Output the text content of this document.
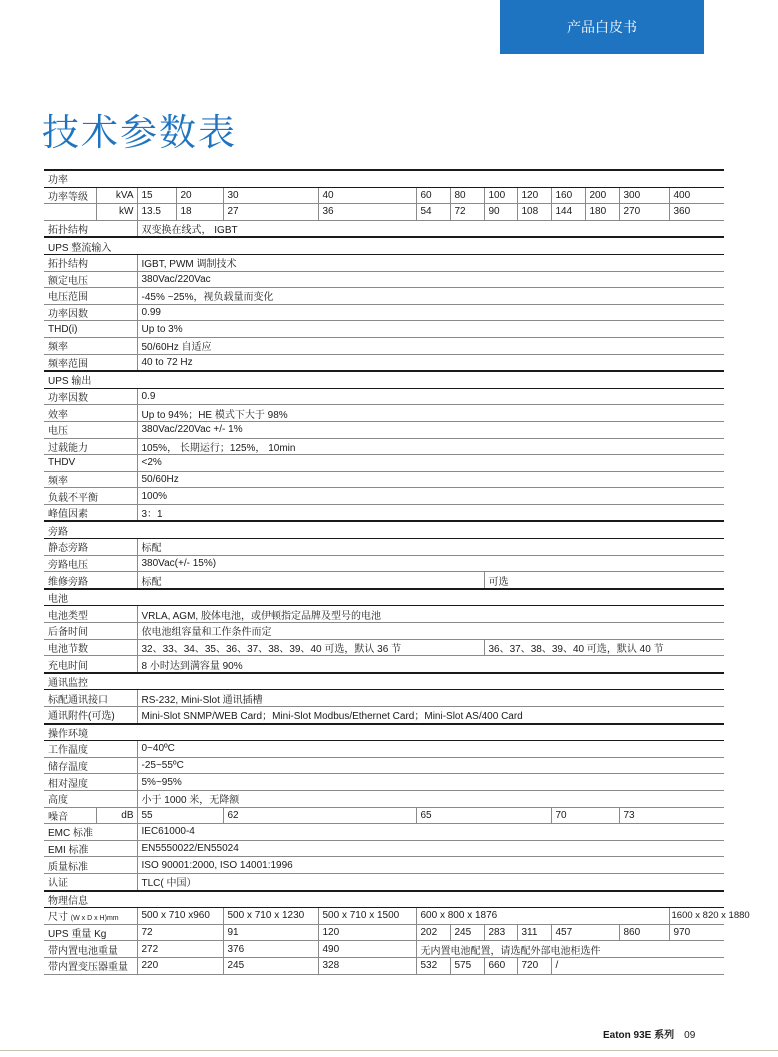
产品白皮书
技术参数表
功率													
功率等级	kVA	15	20	30	40	60	80	100	120	160	200	300	400
	kW	13.5	18	27	36	54	72	90	108	144	180	270	360
拓扑结构		双变换在线式， IGBT											
UPS 整流输入													
拓扑结构		IGBT, PWM 调制技术											
额定电压		380Vac/220Vac											
电压范围		-45% ~25%，视负载量而变化											
功率因数		0.99											
THD(i)		Up to 3%											
频率		50/60Hz 自适应											
频率范围		40 to 72 Hz											
UPS 输出													
功率因数		0.9											
效率		Up to 94%；HE 模式下大于 98%											
电压		380Vac/220Vac +/- 1%											
过载能力		105%， 长期运行；125%， 10min											
THDV		<2%											
频率		50/60Hz											
负载不平衡		100%											
峰值因素		3：1											
旁路													
静态旁路		标配											
旁路电压		380Vac(+/- 15%)											
维修旁路		标配						可选					
电池													
电池类型		VRLA, AGM, 胶体电池，或伊顿指定品牌及型号的电池											
后备时间		依电池组容量和工作条件而定											
电池节数		32、33、34、35、36、37、38、39、40 可选，默认 36 节						36、37、38、39、40 可选，默认 40 节					
充电时间		8 小时达到满容量 90%											
通讯监控													
标配通讯接口		RS-232, Mini-Slot 通讯插槽											
通讯附件(可选)		Mini-Slot SNMP/WEB Card；Mini-Slot Modbus/Ethernet Card；Mini-Slot AS/400 Card											
操作环境													
工作温度		0~40ºC											
储存温度		-25~55ºC											
相对湿度		5%~95%											
高度		小于 1000 米，无降额											
噪音	dB	55		62		65				70		73	
EMC 标准		IEC61000-4											
EMI 标准		EN5550022/EN55024											
质量标准		ISO 90001:2000, ISO 14001:1996											
认证		TLC( 中国）											
物理信息													
尺寸 (W x D x H)mm		500 x 710 x960		500 x 710 x 1230	500 x 710 x 1500	600 x 800 x 1876							1600 x 820 x 1880
UPS 重量 Kg		72		91	120	202	245	283	311	457		860	970
带内置电池重量		272		376	490	无内置电池配置，请选配外部电池柜选件							
带内置变压器重量		220		245	328	532	575	660	720	/			
Eaton 93E 系列 09
